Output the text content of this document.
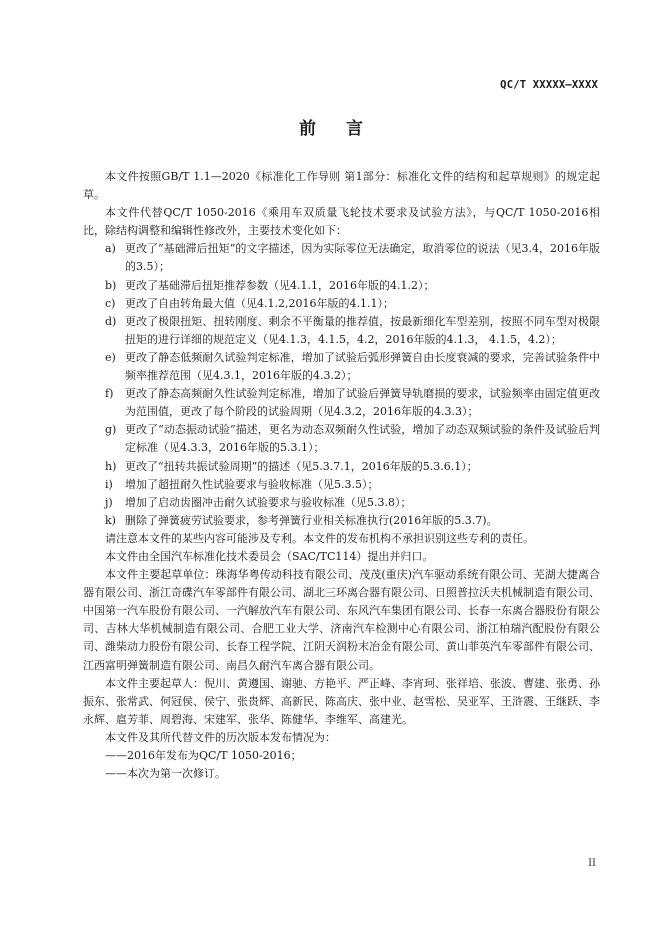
QC/T XXXXX—XXXX
前言

本文件按照GB/T 1.1—2020《标准化工作导则 第1部分：标准化文件的结构和起草规则》的规定起草。

本文件代替QC/T 1050-2016《乘用车双质量飞轮技术要求及试验方法》，与QC/T 1050-2016相比，除结构调整和编辑性修改外，主要技术变化如下：

a) 更改了“基础滞后扭矩”的文字描述，因为实际零位无法确定，取消零位的说法（见3.4，2016年版的3.5）；
b) 更改了基础滞后扭矩推荐参数（见4.1.1，2016年版的4.1.2）；
c) 更改了自由转角最大值（见4.1.2,2016年版的4.1.1）；
d) 更改了极限扭矩、扭转刚度、剩余不平衡量的推荐值，按最新细化车型差别，按照不同车型对极限扭矩的进行详细的规范定义（见4.1.3，4.1.5，4.2，2016年版的4.1.3， 4.1.5，4.2）；
e) 更改了静态低频耐久试验判定标准，增加了试验后弧形弹簧自由长度衰减的要求，完善试验条件中频率推荐范围（见4.3.1，2016年版的4.3.2）；
f)	更改了静态高频耐久性试验判定标准，增加了试验后弹簧导轨磨损的要求，试验频率由固定值更改为范围值，更改了每个阶段的试验周期（见4.3.2，2016年版的4.3.3）；
g) 更改了“动态振动试验”描述，更名为动态双频耐久性试验，增加了动态双频试验的条件及试验后判定标准（见4.3.3，2016年版的5.3.1）；
h) 更改了“扭转共振试验周期”的描述（见5.3.7.1，2016年版的5.3.6.1）；
i)	增加了超扭耐久性试验要求与验收标准（见5.3.5）；
j)	增加了启动齿圈冲击耐久试验要求与验收标准（见5.3.8）；
k) 删除了弹簧疲劳试验要求，参考弹簧行业相关标准执行(2016年版的5.3.7)。

请注意本文件的某些内容可能涉及专利。本文件的发布机构不承担识别这些专利的责任。

本文件由全国汽车标准化技术委员会（SAC/TC114）提出并归口。

本文件主要起草单位：珠海华粤传动科技有限公司、茂茂(重庆)汽车驱动系统有限公司、芜湖大捷离合器有限公司、浙江奇碟汽车零部件有限公司、湖北三环离合器有限公司、日照普拉沃夫机械制造有限公司、中国第一汽车股份有限公司、一汽解放汽车有限公司、东风汽车集团有限公司、长春一东离合器股份有限公司、吉林大华机械制造有限公司、合肥工业大学、济南汽车检测中心有限公司、浙江柏瑞汽配股份有限公司、潍柴动力股份有限公司、长春工程学院、江阴天润粉末冶金有限公司、黄山菲英汽车零部件有限公司、江西富明弹簧制造有限公司、南昌久耐汽车离合器有限公司。

本文件主要起草人：倪川、黄遵国、谢驰、方艳平、严正峰、李宵珂、张祥培、张波、曹建、张勇、孙振东、张常武、何冠侯、侯宁、张贵辉、高新民、陈高庆、张中业、赵雪松、吴亚军、王浒震、王继跃、李永辉、扈芳菲、周碧海、宋建军、张华、陈健华、李维军、高建光。

本文件及其所代替文件的历次版本发布情况为：

——2016年发布为QC/T 1050-2016；

——本次为第一次修订。

II
